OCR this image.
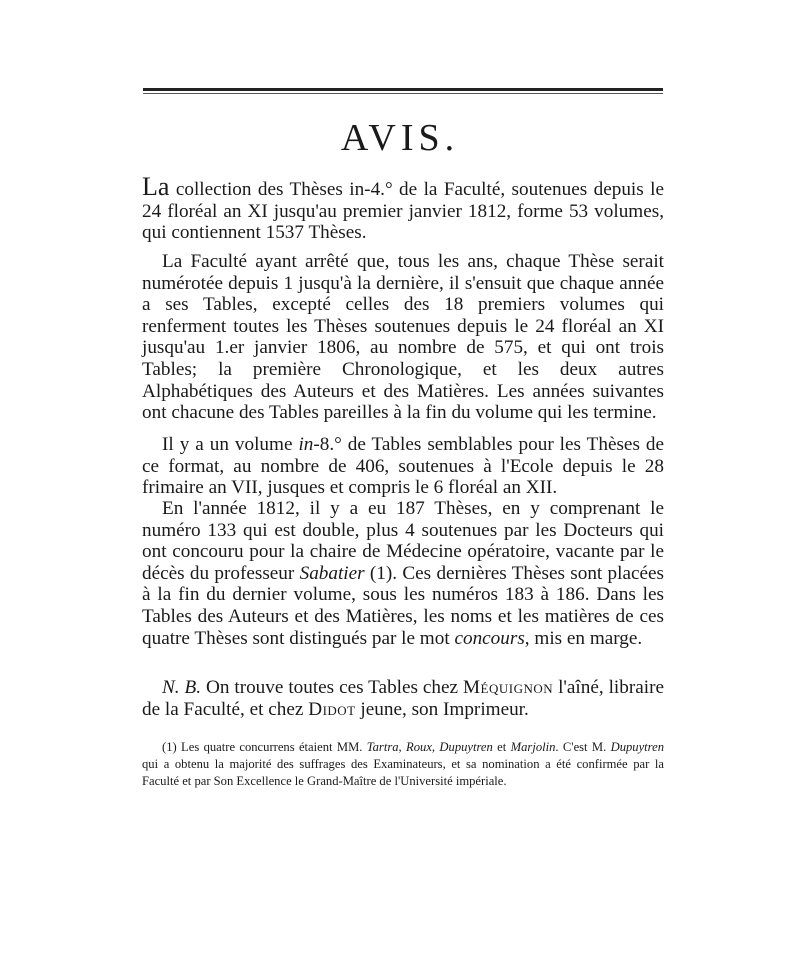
AVIS.

La collection des Thèses in-4.° de la Faculté, soutenues depuis le 24 floréal an XI jusqu'au premier janvier 1812, forme 53 volumes, qui contiennent 1537 Thèses.

La Faculté ayant arrêté que, tous les ans, chaque Thèse serait numérotée depuis 1 jusqu'à la dernière, il s'ensuit que chaque année a ses Tables, excepté celles des 18 premiers volumes qui renferment toutes les Thèses soutenues depuis le 24 floréal an XI jusqu'au 1.er janvier 1806, au nombre de 575, et qui ont trois Tables; la première Chronologique, et les deux autres Alphabétiques des Auteurs et des Matières. Les années suivantes ont chacune des Tables pareilles à la fin du volume qui les termine.

Il y a un volume in-8.° de Tables semblables pour les Thèses de ce format, au nombre de 406, soutenues à l'Ecole depuis le 28 frimaire an VII, jusques et compris le 6 floréal an XII.

En l'année 1812, il y a eu 187 Thèses, en y comprenant le numéro 133 qui est double, plus 4 soutenues par les Docteurs qui ont concouru pour la chaire de Médecine opératoire, vacante par le décès du professeur Sabatier (1). Ces dernières Thèses sont placées à la fin du dernier volume, sous les numéros 183 à 186. Dans les Tables des Auteurs et des Matières, les noms et les matières de ces quatre Thèses sont distingués par le mot concours, mis en marge.

N. B. On trouve toutes ces Tables chez Méquignon l'aîné, libraire de la Faculté, et chez Didot jeune, son Imprimeur.

(1) Les quatre concurrens étaient MM. Tartra, Roux, Dupuytren et Marjolin. C'est M. Dupuytren qui a obtenu la majorité des suffrages des Examinateurs, et sa nomination a été confirmée par la Faculté et par Son Excellence le Grand-Maître de l'Université impériale.
